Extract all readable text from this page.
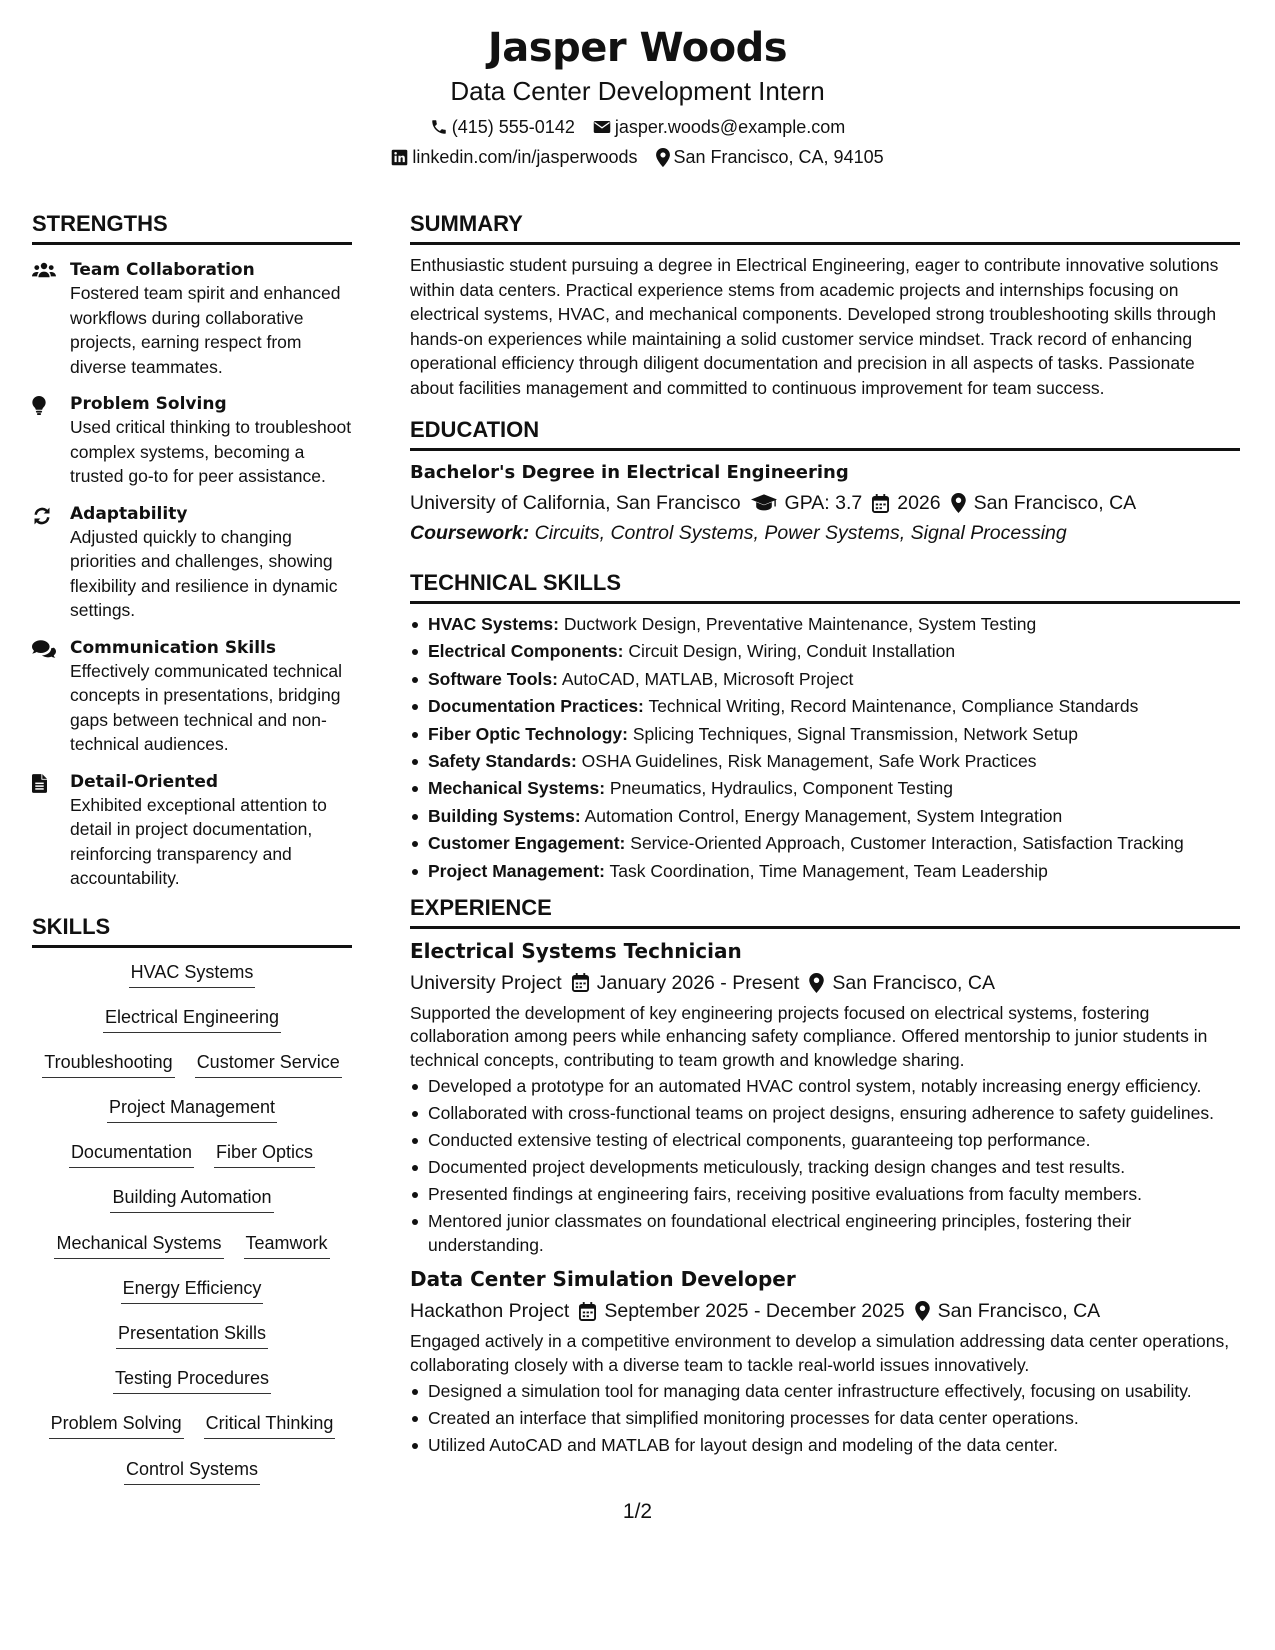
Jasper Woods
Data Center Development Intern
(415) 555-0142 jasper.woods@example.com
linkedin.com/in/jasperwoods San Francisco, CA, 94105
STRENGTHS
Team Collaboration
Fostered team spirit and enhanced workflows during collaborative projects, earning respect from diverse teammates.
Problem Solving
Used critical thinking to troubleshoot complex systems, becoming a trusted go-to for peer assistance.
Adaptability
Adjusted quickly to changing priorities and challenges, showing flexibility and resilience in dynamic settings.
Communication Skills
Effectively communicated technical concepts in presentations, bridging gaps between technical and non-technical audiences.
Detail-Oriented
Exhibited exceptional attention to detail in project documentation, reinforcing transparency and accountability.
SKILLS
HVAC Systems
Electrical Engineering
Troubleshooting Customer Service
Project Management
Documentation Fiber Optics
Building Automation
Mechanical Systems Teamwork
Energy Efficiency
Presentation Skills
Testing Procedures
Problem Solving Critical Thinking
Control Systems
SUMMARY
Enthusiastic student pursuing a degree in Electrical Engineering, eager to contribute innovative solutions within data centers. Practical experience stems from academic projects and internships focusing on electrical systems, HVAC, and mechanical components. Developed strong troubleshooting skills through hands-on experiences while maintaining a solid customer service mindset. Track record of enhancing operational efficiency through diligent documentation and precision in all aspects of tasks. Passionate about facilities management and committed to continuous improvement for team success.
EDUCATION
Bachelor's Degree in Electrical Engineering
University of California, San Francisco GPA: 3.7 2026 San Francisco, CA
Coursework: Circuits, Control Systems, Power Systems, Signal Processing
TECHNICAL SKILLS
HVAC Systems: Ductwork Design, Preventative Maintenance, System Testing
Electrical Components: Circuit Design, Wiring, Conduit Installation
Software Tools: AutoCAD, MATLAB, Microsoft Project
Documentation Practices: Technical Writing, Record Maintenance, Compliance Standards
Fiber Optic Technology: Splicing Techniques, Signal Transmission, Network Setup
Safety Standards: OSHA Guidelines, Risk Management, Safe Work Practices
Mechanical Systems: Pneumatics, Hydraulics, Component Testing
Building Systems: Automation Control, Energy Management, System Integration
Customer Engagement: Service-Oriented Approach, Customer Interaction, Satisfaction Tracking
Project Management: Task Coordination, Time Management, Team Leadership
EXPERIENCE
Electrical Systems Technician
University Project January 2026 - Present San Francisco, CA
Supported the development of key engineering projects focused on electrical systems, fostering collaboration among peers while enhancing safety compliance. Offered mentorship to junior students in technical concepts, contributing to team growth and knowledge sharing.
Developed a prototype for an automated HVAC control system, notably increasing energy efficiency.
Collaborated with cross-functional teams on project designs, ensuring adherence to safety guidelines.
Conducted extensive testing of electrical components, guaranteeing top performance.
Documented project developments meticulously, tracking design changes and test results.
Presented findings at engineering fairs, receiving positive evaluations from faculty members.
Mentored junior classmates on foundational electrical engineering principles, fostering their understanding.
Data Center Simulation Developer
Hackathon Project September 2025 - December 2025 San Francisco, CA
Engaged actively in a competitive environment to develop a simulation addressing data center operations, collaborating closely with a diverse team to tackle real-world issues innovatively.
Designed a simulation tool for managing data center infrastructure effectively, focusing on usability.
Created an interface that simplified monitoring processes for data center operations.
Utilized AutoCAD and MATLAB for layout design and modeling of the data center.
1/2
